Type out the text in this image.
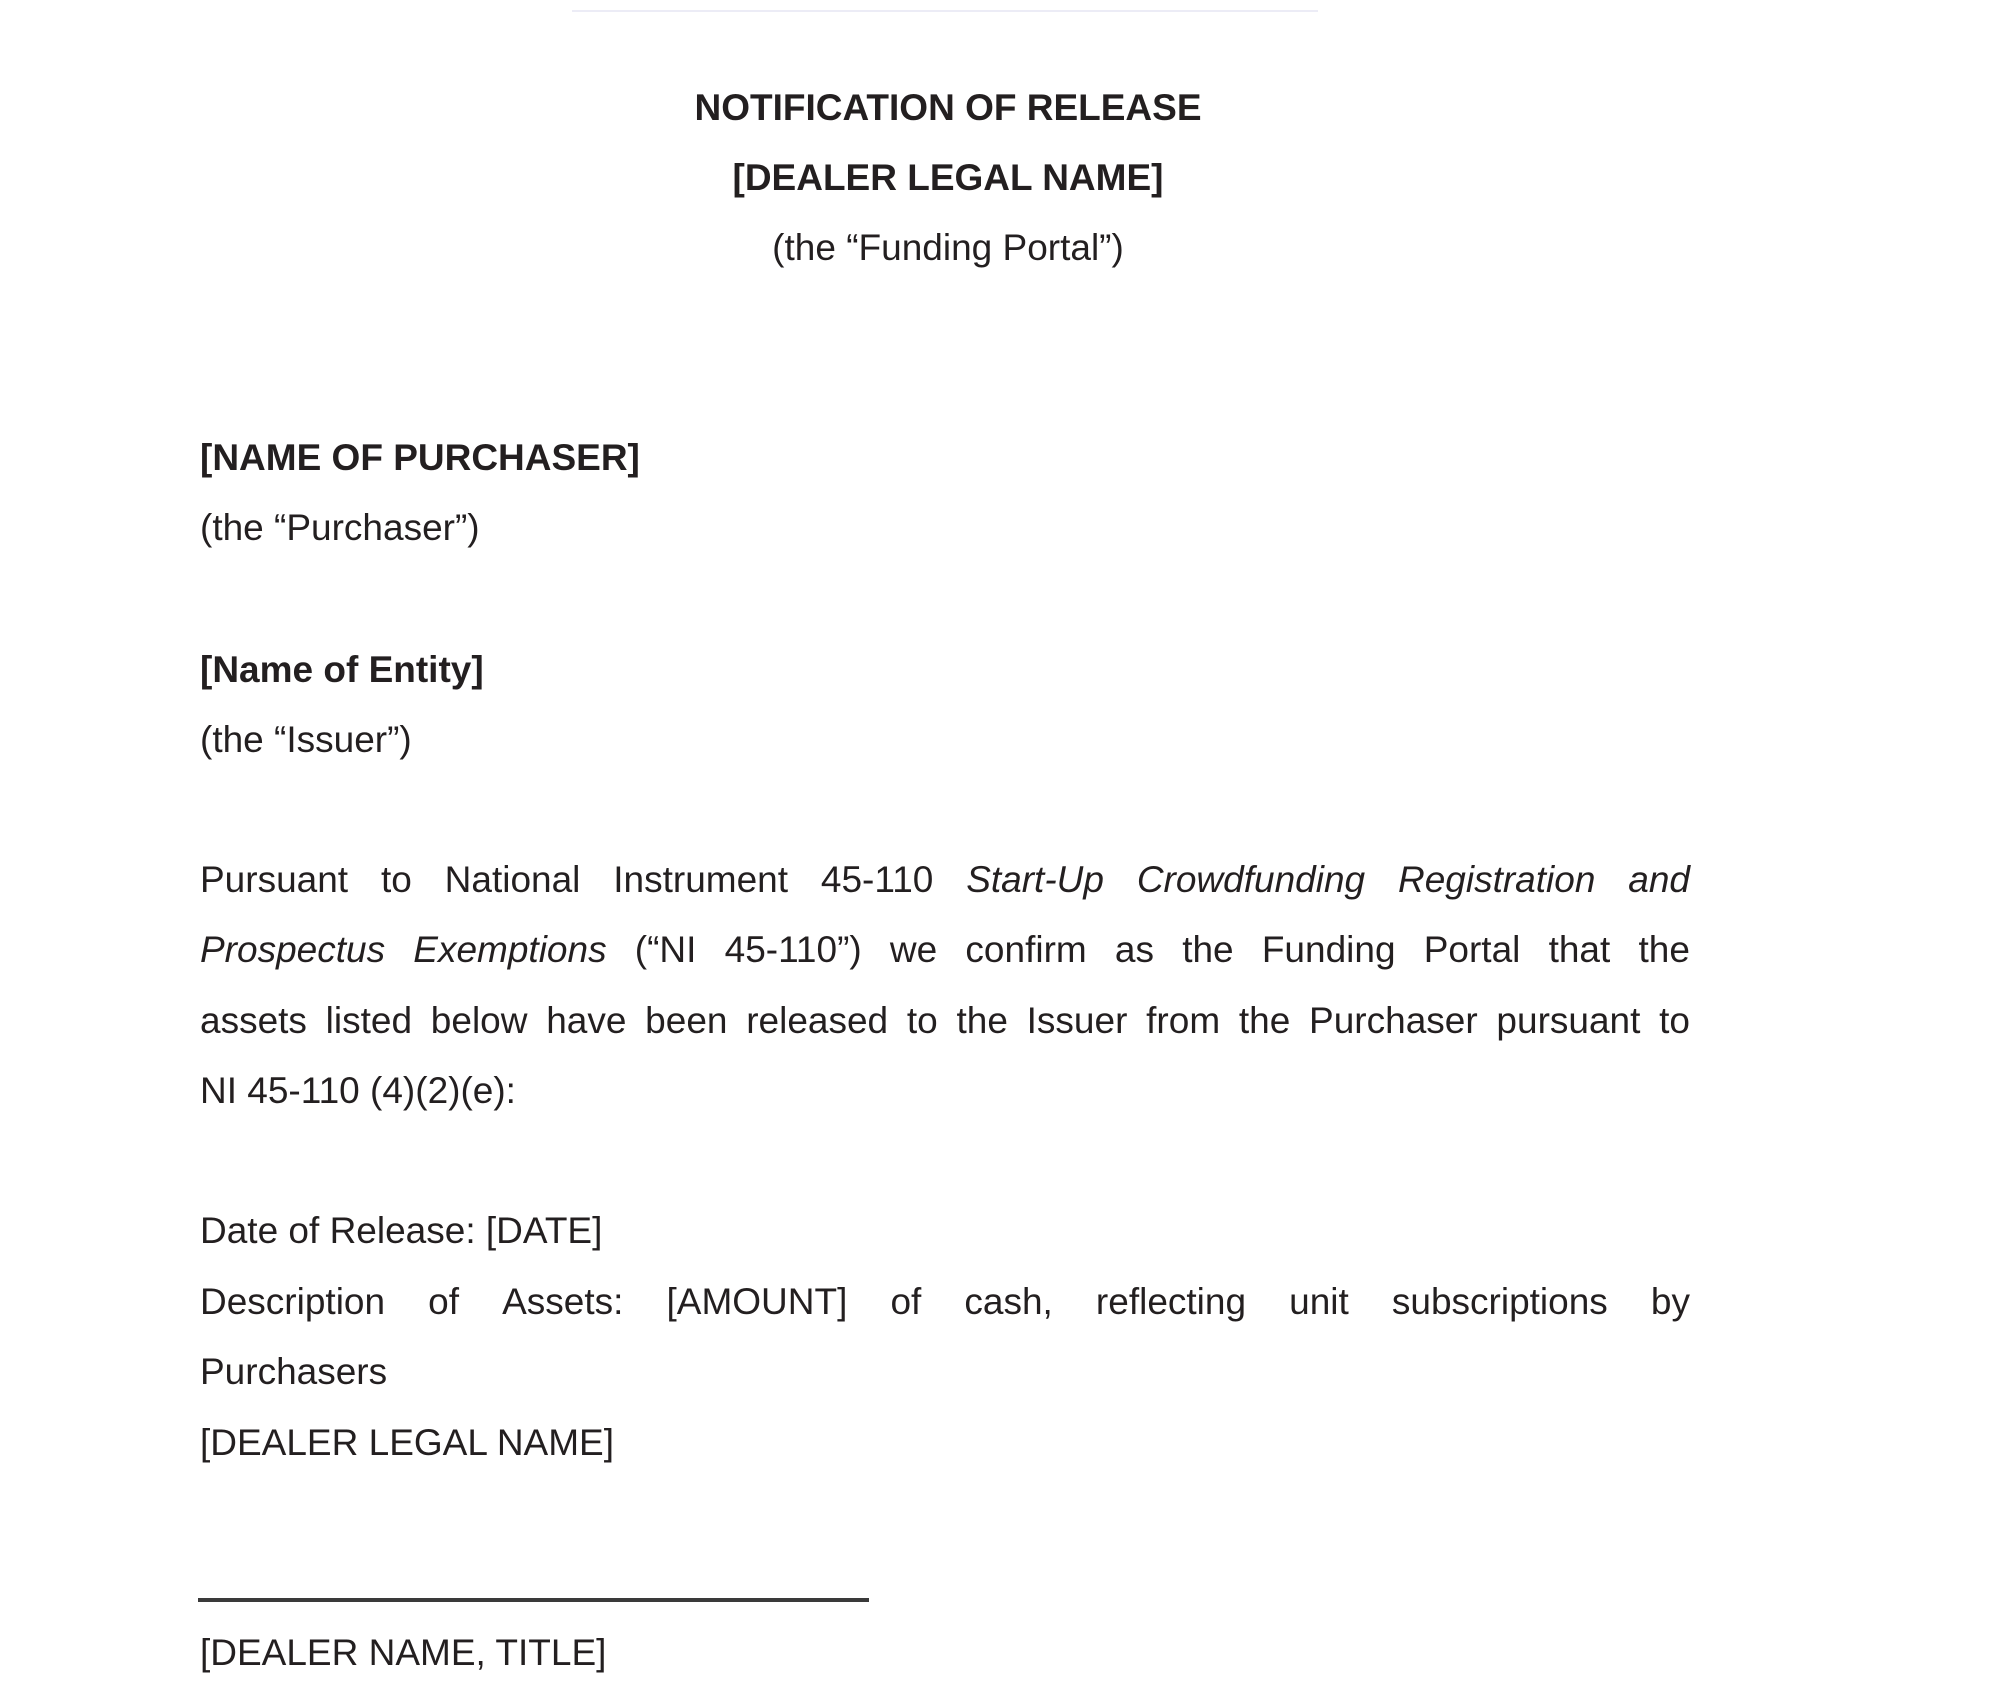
NOTIFICATION OF RELEASE
[DEALER LEGAL NAME]
(the “Funding Portal”)
[NAME OF PURCHASER]
(the “Purchaser”)
[Name of Entity]
(the “Issuer”)
Pursuant to National Instrument 45-110 Start-Up Crowdfunding Registration and
Prospectus Exemptions (“NI 45-110”) we confirm as the Funding Portal that the
assets listed below have been released to the Issuer from the Purchaser pursuant to
NI 45-110 (4)(2)(e):
Date of Release: [DATE]
Description of Assets: [AMOUNT] of cash, reflecting unit subscriptions by
Purchasers
[DEALER LEGAL NAME]
[DEALER NAME, TITLE]
